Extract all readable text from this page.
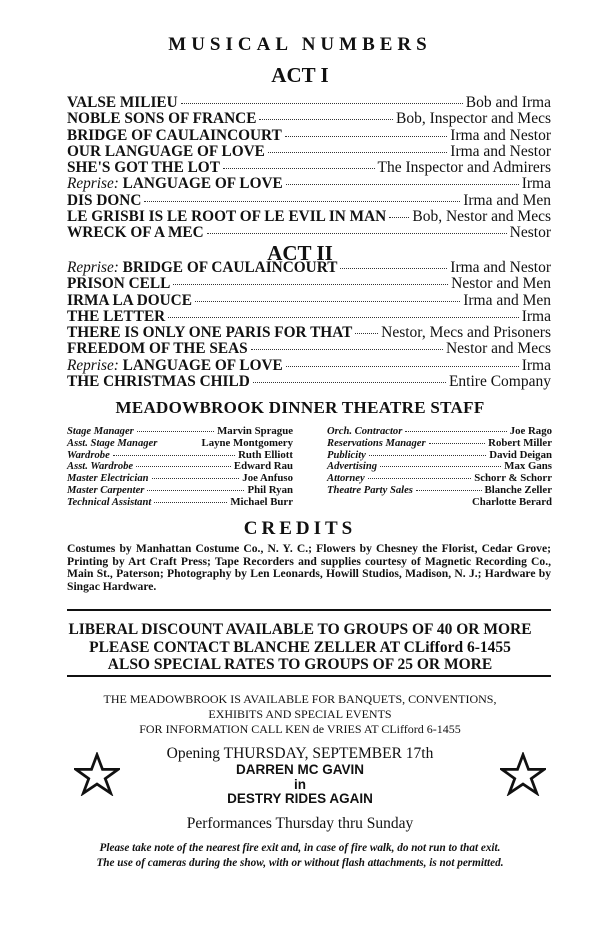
MUSICAL NUMBERS
ACT I
VALSE MILIEU	Bob and Irma
NOBLE SONS OF FRANCE	Bob, Inspector and Mecs
BRIDGE OF CAULAINCOURT	Irma and Nestor
OUR LANGUAGE OF LOVE	Irma and Nestor
SHE'S GOT THE LOT	The Inspector and Admirers
Reprise: LANGUAGE OF LOVE	Irma
DIS DONC	Irma and Men
LE GRISBI IS LE ROOT OF LE EVIL IN MAN Bob, Nestor and Mecs
WRECK OF A MEC	Nestor
ACT II
Reprise: BRIDGE OF CAULAINCOURT	Irma and Nestor
PRISON CELL	Nestor and Men
IRMA LA DOUCE	Irma and Men
THE LETTER	Irma
THERE IS ONLY ONE PARIS FOR THAT Nestor, Mecs and Prisoners
FREEDOM OF THE SEAS	Nestor and Mecs
Reprise: LANGUAGE OF LOVE	Irma
THE CHRISTMAS CHILD	Entire Company
MEADOWBROOK DINNER THEATRE STAFF
Stage Manager	Marvin Sprague
Asst. Stage Manager	Layne Montgomery
Wardrobe	Ruth Elliott
Asst. Wardrobe	Edward Rau
Master Electrician	Joe Anfuso
Master Carpenter	Phil Ryan
Technical Assistant	Michael Burr
Orch. Contractor	Joe Rago
Reservations Manager	Robert Miller
Publicity	David Deigan
Advertising	Max Gans
Attorney	Schorr & Schorr
Theatre Party Sales	Blanche Zeller
Charlotte Berard
CREDITS
Costumes by Manhattan Costume Co., N. Y. C.; Flowers by Chesney the Florist, Cedar Grove; Printing by Art Craft Press; Tape Recorders and supplies courtesy of Magnetic Recording Co., Main St., Paterson; Photography by Len Leonards, Howill Studios, Madison, N. J.; Hardware by Singac Hardware.
LIBERAL DISCOUNT AVAILABLE TO GROUPS OF 40 OR MORE
PLEASE CONTACT BLANCHE ZELLER AT CLifford 6-1455
ALSO SPECIAL RATES TO GROUPS OF 25 OR MORE
THE MEADOWBROOK IS AVAILABLE FOR BANQUETS, CONVENTIONS,
EXHIBITS AND SPECIAL EVENTS
FOR INFORMATION CALL KEN de VRIES AT CLifford 6-1455
Opening THURSDAY, SEPTEMBER 17th
DARREN MC GAVIN
in
DESTRY RIDES AGAIN
Performances Thursday thru Sunday
Please take note of the nearest fire exit and, in case of fire walk, do not run to that exit.
The use of cameras during the show, with or without flash attachments, is not permitted.
